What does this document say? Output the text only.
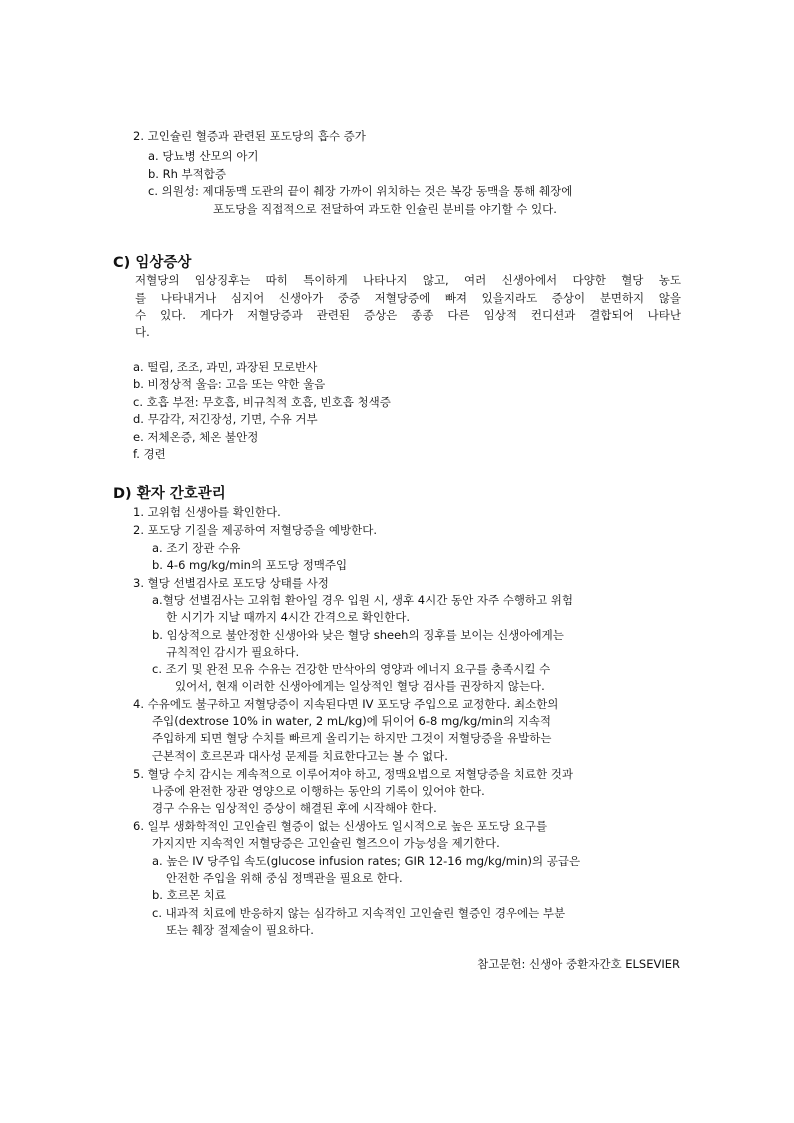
2. 고인슐린 혈증과 관련된 포도당의 흡수 증가
a. 당뇨병 산모의 아기
b. Rh 부적합증
c. 의원성: 제대동맥 도관의 끝이 췌장 가까이 위치하는 것은 복강 동맥을 통해 췌장에
포도당을 직접적으로 전달하여 과도한 인슐린 분비를 야기할 수 있다.
C) 임상증상
저혈당의 임상징후는 따히 특이하게 나타나지 않고, 여러 신생아에서 다양한 혈당 농도
를 나타내거나 심지어 신생아가 중증 저혈당증에 빠져 있을지라도 증상이 분면하지 않을
수 있다. 게다가 저혈당증과 관련된 증상은 종종 다른 임상적 컨디션과 결합되어 나타난
다.
a. 떨림, 조조, 과민, 과장된 모로반사
b. 비정상적 울음: 고음 또는 약한 울음
c. 호흡 부전: 무호흡, 비규칙적 호흡, 빈호흡 청색증
d. 무감각, 저긴장성, 기면, 수유 거부
e. 저체온증, 체온 불안정
f. 경련
D) 환자 간호관리
1. 고위험 신생아를 확인한다.
2. 포도당 기질을 제공하여 저혈당증을 예방한다.
a. 조기 장관 수유
b. 4-6 mg/kg/min의 포도당 정맥주입
3. 혈당 선별검사로 포도당 상태를 사정
a.혈당 선별검사는 고위험 환아일 경우 입원 시, 생후 4시간 동안 자주 수행하고 위험
한 시기가 지날 때까지 4시간 간격으로 확인한다.
b. 임상적으로 불안정한 신생아와 낮은 혈당 sheeh의 징후를 보이는 신생아에게는
규칙적인 감시가 필요하다.
c. 조기 및 완전 모유 수유는 건강한 만삭아의 영양과 에너지 요구를 충족시킬 수
있어서, 현재 이러한 신생아에게는 일상적인 혈당 검사를 권장하지 않는다.
4. 수유에도 불구하고 저혈당증이 지속된다면 IV 포도당 주입으로 교정한다. 최소한의
주입(dextrose 10% in water, 2 mL/kg)에 뒤이어 6-8 mg/kg/min의 지속적
주입하게 되면 혈당 수치를 빠르게 올리기는 하지만 그것이 저혈당증을 유발하는
근본적이 호르몬과 대사성 문제를 치료한다고는 볼 수 없다.
5. 혈당 수치 감시는 계속적으로 이루어져야 하고, 정맥요법으로 저혈당증을 치료한 것과
나중에 완전한 장관 영양으로 이행하는 동안의 기록이 있어야 한다.
경구 수유는 임상적인 증상이 해결된 후에 시작해야 한다.
6. 일부 생화학적인 고인슐린 혈증이 없는 신생아도 일시적으로 높은 포도당 요구를
가지지만 지속적인 저혈당증은 고인슐린 혈즈으이 가능성을 제기한다.
a. 높은 IV 당주입 속도(glucose infusion rates; GIR 12-16 mg/kg/min)의 공급은
안전한 주입을 위해 중심 정맥관을 필요로 한다.
b. 호르몬 치료
c. 내과적 치료에 반응하지 않는 심각하고 지속적인 고인슐린 혈증인 경우에는 부분
또는 췌장 절제술이 필요하다.
참고문헌: 신생아 중환자간호 ELSEVIER
